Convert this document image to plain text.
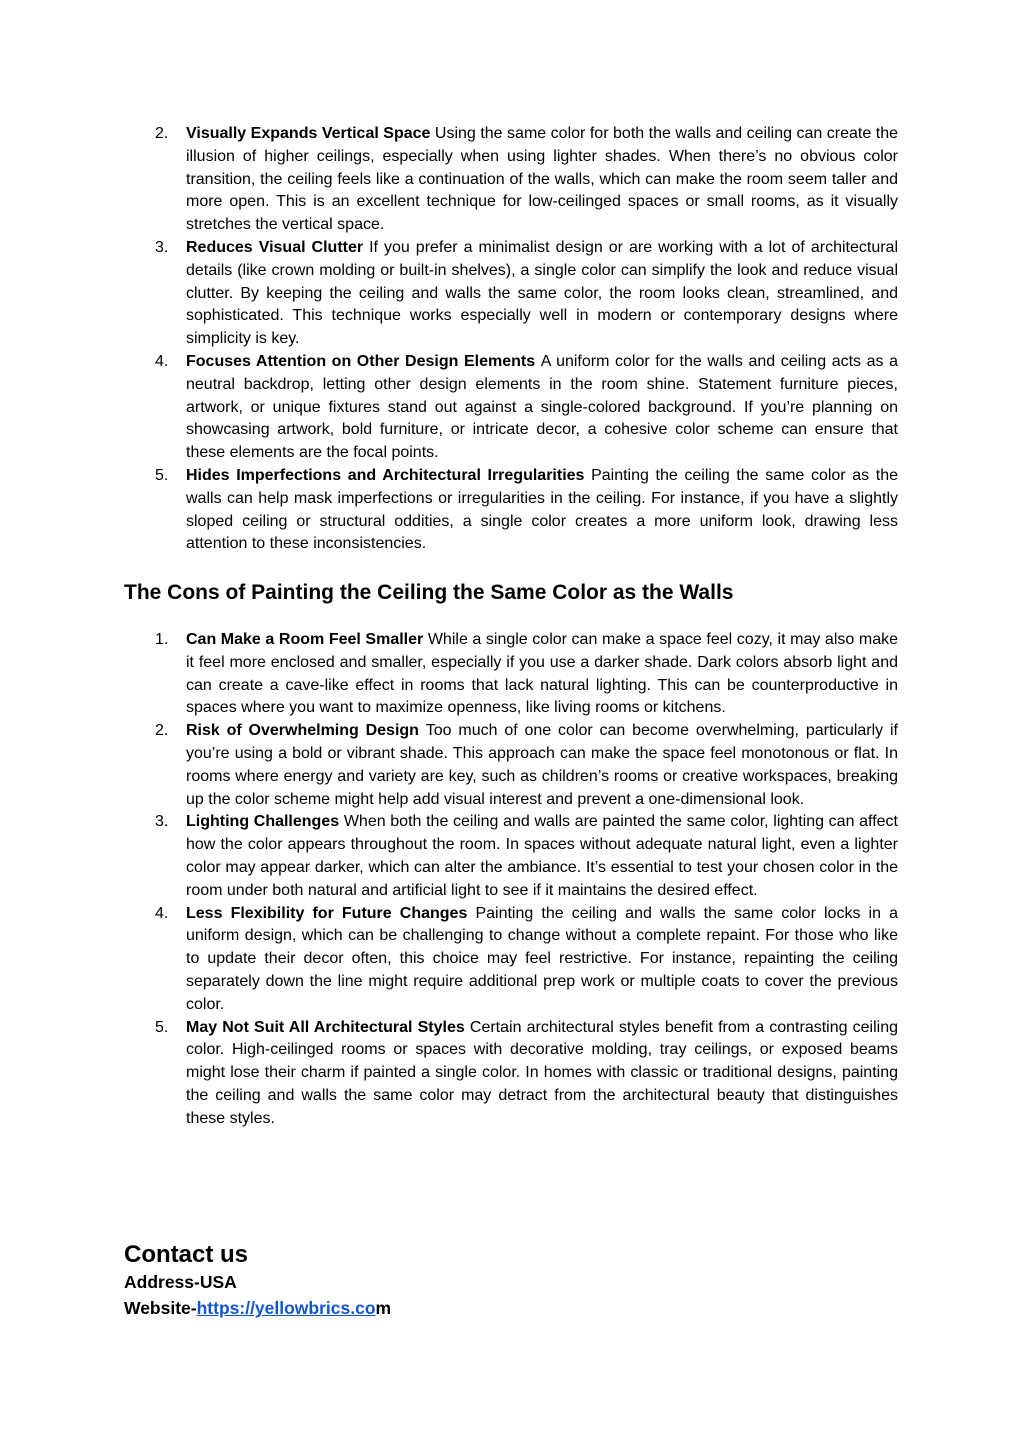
2. Visually Expands Vertical Space Using the same color for both the walls and ceiling can create the illusion of higher ceilings, especially when using lighter shades. When there’s no obvious color transition, the ceiling feels like a continuation of the walls, which can make the room seem taller and more open. This is an excellent technique for low-ceilinged spaces or small rooms, as it visually stretches the vertical space.
3. Reduces Visual Clutter If you prefer a minimalist design or are working with a lot of architectural details (like crown molding or built-in shelves), a single color can simplify the look and reduce visual clutter. By keeping the ceiling and walls the same color, the room looks clean, streamlined, and sophisticated. This technique works especially well in modern or contemporary designs where simplicity is key.
4. Focuses Attention on Other Design Elements A uniform color for the walls and ceiling acts as a neutral backdrop, letting other design elements in the room shine. Statement furniture pieces, artwork, or unique fixtures stand out against a single-colored background. If you’re planning on showcasing artwork, bold furniture, or intricate decor, a cohesive color scheme can ensure that these elements are the focal points.
5. Hides Imperfections and Architectural Irregularities Painting the ceiling the same color as the walls can help mask imperfections or irregularities in the ceiling. For instance, if you have a slightly sloped ceiling or structural oddities, a single color creates a more uniform look, drawing less attention to these inconsistencies.
The Cons of Painting the Ceiling the Same Color as the Walls
1. Can Make a Room Feel Smaller While a single color can make a space feel cozy, it may also make it feel more enclosed and smaller, especially if you use a darker shade. Dark colors absorb light and can create a cave-like effect in rooms that lack natural lighting. This can be counterproductive in spaces where you want to maximize openness, like living rooms or kitchens.
2. Risk of Overwhelming Design Too much of one color can become overwhelming, particularly if you’re using a bold or vibrant shade. This approach can make the space feel monotonous or flat. In rooms where energy and variety are key, such as children’s rooms or creative workspaces, breaking up the color scheme might help add visual interest and prevent a one-dimensional look.
3. Lighting Challenges When both the ceiling and walls are painted the same color, lighting can affect how the color appears throughout the room. In spaces without adequate natural light, even a lighter color may appear darker, which can alter the ambiance. It’s essential to test your chosen color in the room under both natural and artificial light to see if it maintains the desired effect.
4. Less Flexibility for Future Changes Painting the ceiling and walls the same color locks in a uniform design, which can be challenging to change without a complete repaint. For those who like to update their decor often, this choice may feel restrictive. For instance, repainting the ceiling separately down the line might require additional prep work or multiple coats to cover the previous color.
5. May Not Suit All Architectural Styles Certain architectural styles benefit from a contrasting ceiling color. High-ceilinged rooms or spaces with decorative molding, tray ceilings, or exposed beams might lose their charm if painted a single color. In homes with classic or traditional designs, painting the ceiling and walls the same color may detract from the architectural beauty that distinguishes these styles.
Contact us

Address-USA

Website-https://yellowbrics.com
